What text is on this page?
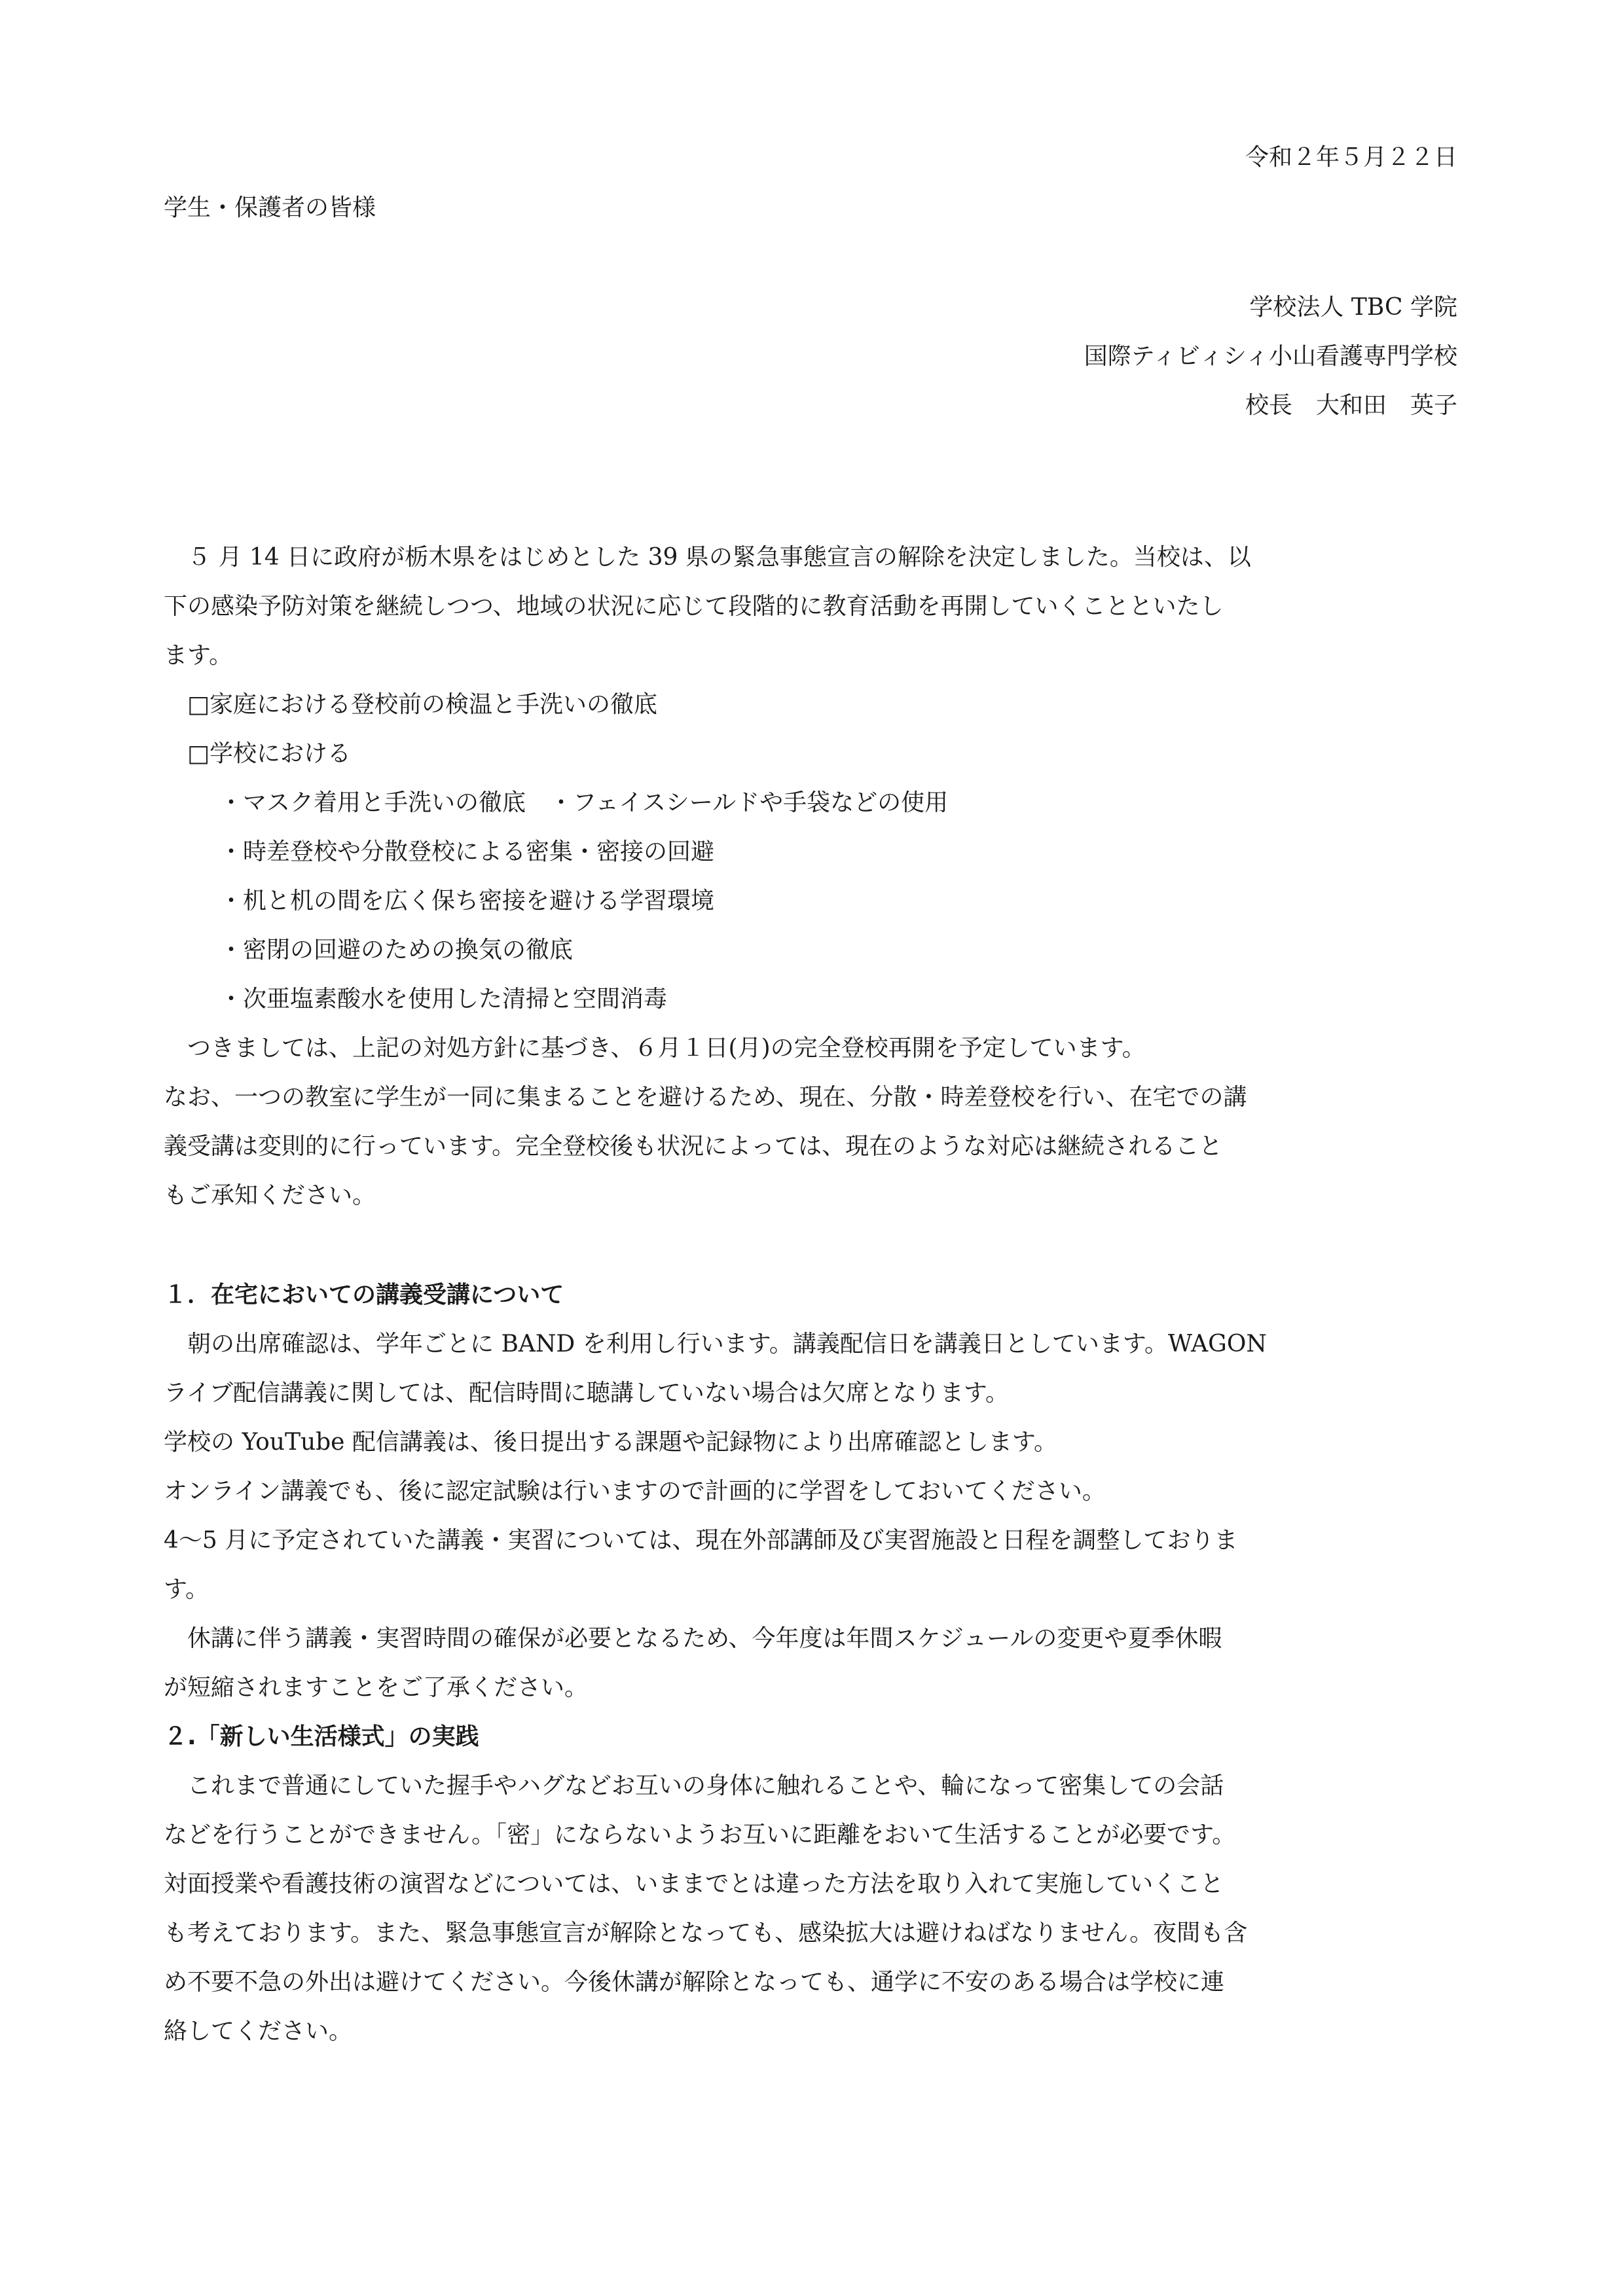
令和２年５月２２日
学生・保護者の皆様
学校法人 TBC 学院
国際ティビィシィ小山看護専門学校
校長　大和田　英子
５ 月 14 日に政府が栃木県をはじめとした 39 県の緊急事態宣言の解除を決定しました。当校は、以
下の感染予防対策を継続しつつ、地域の状況に応じて段階的に教育活動を再開していくことといたし
ます。
□家庭における登校前の検温と手洗いの徹底
□学校における
・マスク着用と手洗いの徹底　・フェイスシールドや手袋などの使用
・時差登校や分散登校による密集・密接の回避
・机と机の間を広く保ち密接を避ける学習環境
・密閉の回避のための換気の徹底
・次亜塩素酸水を使用した清掃と空間消毒
つきましては、上記の対処方針に基づき、６月１日(月)の完全登校再開を予定しています。
なお、一つの教室に学生が一同に集まることを避けるため、現在、分散・時差登校を行い、在宅での講
義受講は変則的に行っています。完全登校後も状況によっては、現在のような対応は継続されること
もご承知ください。
１．在宅においての講義受講について
朝の出席確認は、学年ごとに BAND を利用し行います。講義配信日を講義日としています。WAGON
ライブ配信講義に関しては、配信時間に聴講していない場合は欠席となります。
学校の YouTube 配信講義は、後日提出する課題や記録物により出席確認とします。
オンライン講義でも、後に認定試験は行いますので計画的に学習をしておいてください。
4〜5 月に予定されていた講義・実習については、現在外部講師及び実習施設と日程を調整しておりま
す。
休講に伴う講義・実習時間の確保が必要となるため、今年度は年間スケジュールの変更や夏季休暇
が短縮されますことをご了承ください。
２.「新しい生活様式」の実践
これまで普通にしていた握手やハグなどお互いの身体に触れることや、輪になって密集しての会話
などを行うことができません。「密」にならないようお互いに距離をおいて生活することが必要です。
対面授業や看護技術の演習などについては、いままでとは違った方法を取り入れて実施していくこと
も考えております。また、緊急事態宣言が解除となっても、感染拡大は避けねばなりません。夜間も含
め不要不急の外出は避けてください。今後休講が解除となっても、通学に不安のある場合は学校に連
絡してください。
